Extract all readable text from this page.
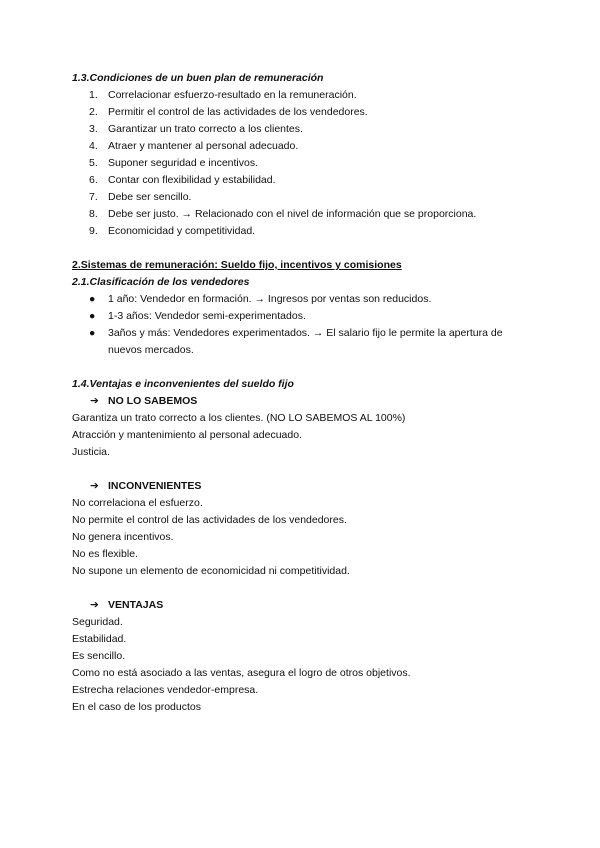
1.3.Condiciones de un buen plan de remuneración
1. Correlacionar esfuerzo-resultado en la remuneración.
2. Permitir el control de las actividades de los vendedores.
3. Garantizar un trato correcto a los clientes.
4. Atraer y mantener al personal adecuado.
5. Suponer seguridad e incentivos.
6. Contar con flexibilidad y estabilidad.
7. Debe ser sencillo.
8. Debe ser justo. → Relacionado con el nivel de información que se proporciona.
9. Economicidad y competitividad.
2.Sistemas de remuneración: Sueldo fijo, incentivos y comisiones
2.1.Clasificación de los vendedores
● 1 año: Vendedor en formación. → Ingresos por ventas son reducidos.
● 1-3 años: Vendedor semi-experimentados.
● 3años y más: Vendedores experimentados. → El salario fijo le permite la apertura de
nuevos mercados.
1.4.Ventajas e inconvenientes del sueldo fijo
➔ NO LO SABEMOS
Garantiza un trato correcto a los clientes. (NO LO SABEMOS AL 100%)
Atracción y mantenimiento al personal adecuado.
Justicia.
➔ INCONVENIENTES
No correlaciona el esfuerzo.
No permite el control de las actividades de los vendedores.
No genera incentivos.
No es flexible.
No supone un elemento de economicidad ni competitividad.
➔ VENTAJAS
Seguridad.
Estabilidad.
Es sencillo.
Como no está asociado a las ventas, asegura el logro de otros objetivos.
Estrecha relaciones vendedor-empresa.
En el caso de los productos
